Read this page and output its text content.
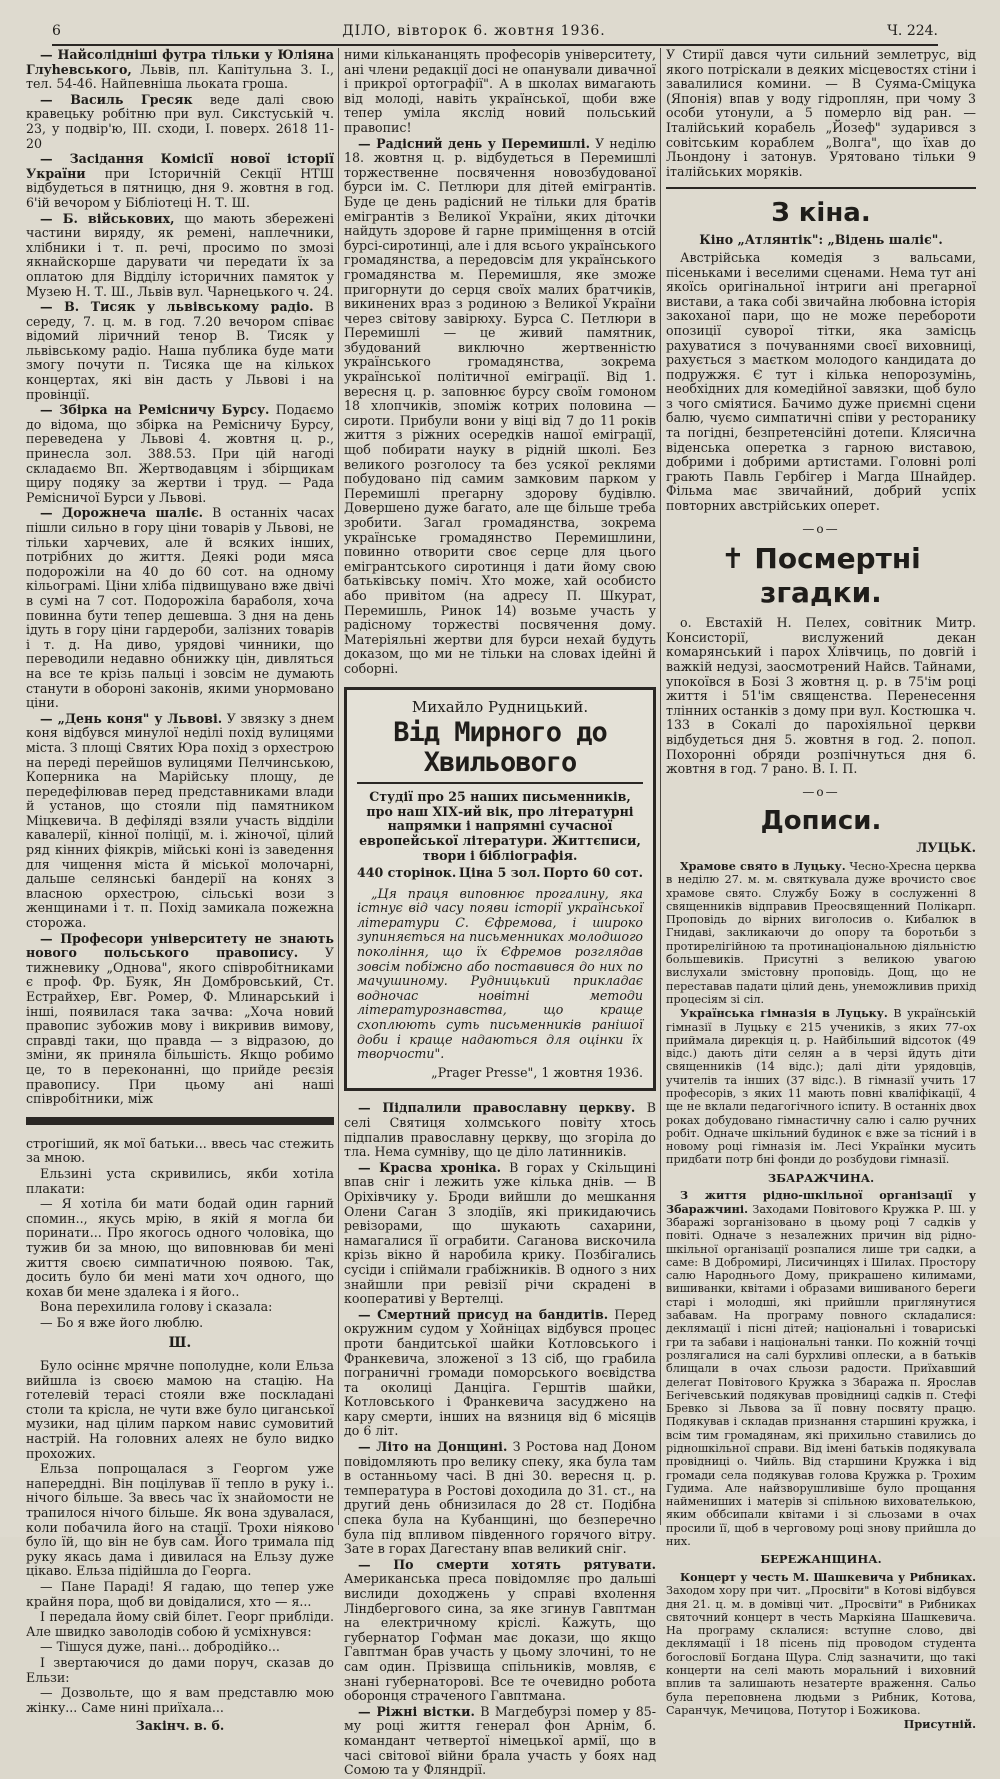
6	ДІЛО, вівторок 6. жовтня 1936.	Ч. 224.

— Найсолідніші футра тільки у Юліяна Глуhевського, Львів, пл. Капітульна 3. І., тел. 54-46. Найпевніша льоката гроша.

— Василь Гресяк веде далі свою кравецьку робітню при вул. Сикстуській ч. 23, у подвір'ю, III. сходи, І. поверх. 2618 11-20

— Засідання Комісії нової історії України при Історичній Секції НТШ відбудеться в пятницю, дня 9. жовтня в год. 6'ій вечором у Бібліотеці Н. Т. Ш.

— Б. військових, що мають збережені частини виряду, як ремені, наплечники, хлібники і т. п. речі, просимо по змозі якнайскорше дарувати чи передати їх за оплатою для Відділу історичних памяток у Музею Н. Т. Ш., Львів вул. Чарнецького ч. 24.

— В. Тисяк у львівському радіо. В середу, 7. ц. м. в год. 7.20 вечором співає відомий ліричний тенор В. Тисяк у львівському радіо. Наша публика буде мати змогу почути п. Тисяка ще на кількох концертах, які він дасть у Львові і на провінції.

— Збірка на Ремісничу Бурсу. Подаємо до відома, що збірка на Ремісничу Бурсу, переведена у Львові 4. жовтня ц. р., принесла зол. 388.53. При цій нагоді складаємо Вп. Жертводавцям і збірщикам щиру подяку за жертви і труд. — Рада Ремісничої Бурси у Львові.

— Дорожнеча шаліє. В останніх часах пішли сильно в гору ціни товарів у Львові, не тільки харчевих, але й всяких інших, потрібних до життя. Деякі роди мяса подорожіли на 40 до 60 сот. на одному кільограмі. Ціни хліба підвищувано вже двічі в сумі на 7 сот. Подорожіла бараболя, хоча повинна бути тепер дешевша. З дня на день ідуть в гору ціни гардероби, залізних товарів і т. д. На диво, урядові чинники, що переводили недавно обнижку цін, дивляться на все те крізь пальці і зовсім не думають станути в обороні законів, якими унормовано ціни.

— „День коня" у Львові. У звязку з днем коня відбувся минулої неділі похід вулицями міста. З площі Святих Юра похід з орхестрою на переді перейшов вулицями Пелчинською, Коперника на Марійську площу, де передефілював перед представниками влади й установ, що стояли під памятником Міцкевича. В дефіляді взяли участь відділи кавалерії, кінної поліції, м. і. жіночої, цілий ряд кінних фіякрів, мійські коні із заведення для чищення міста й міської молочарні, дальше селянські бандерії на конях з власною орхестрою, сільські вози з женщинами і т. п. Похід замикала пожежна сторожа.

— Професори університету не знають нового польського правопису. У тижневику „Однова", якого співробітниками є проф. Фр. Буяк, Ян Домбровський, Ст. Естрайхер, Евг. Ромер, Ф. Млинарський і інші, появилася така зачва: „Хоча новий правопис зубожив мову і викривив вимову, справді таки, що правда — з відразою, до зміни, як приняла більшість. Якщо робимо це, то в переконанні, що прийде реєзія правопису. При цьому ані наші співробітники, між

строгіший, як мої батьки... ввесь час стежить за мною.

Ельзині уста скривились, якби хотіла плакати:

— Я хотіла би мати бодай один гарний спомин.., якусь мрію, в якій я могла би поринати... Про якогось одного чоловіка, що тужив би за мною, що виповнював би мені життя своєю симпатичною появою. Так, досить було би мені мати хоч одного, що кохав би мене здалека і я його..

Вона перехилила голову і сказала:

— Бо я вже його люблю.

Ш.

Було осіннє мрячне пополудне, коли Ельза вийшла із своєю мамою на стацію. На готелевій терасі стояли вже поскладані столи та крісла, не чути вже було циганської музики, над цілим парком навис сумовитий настрій. На головних алеях не було видко прохожих.

Ельза попрощалася з Георгом уже напереддні. Він поцілував її тепло в руку і.. нічого більше. За ввесь час їх знайомости не трапилося нічого більше. Як вона здувалася, коли побачила його на стації. Трохи ніяково було їй, що він не був сам. Його тримала під руку якась дама і дивилася на Ельзу дуже цікаво. Ельза підійшла до Георга.

— Пане Параді! Я гадаю, що тепер уже крайня пора, щоб ви довідалися, хто — я...

І передала йому свій білет. Георг прибліди. Але швидко заволодів собою й усміхнувся:

— Тішуся дуже, пані... добродійко...

І звертаючися до дами поруч, сказав до Ельзи:

— Дозвольте, що я вам представлю мою жінку... Саме нині приїхала...

Закінч. в. б.

ними кількананцять професорів університету, ані члени редакції досі не опанували дивачної і прикрої ортографії". А в школах вимагають від молоді, навіть української, щоби вже тепер уміла якслід новий польський правопис!

— Радісний день у Перемишлі. У неділю 18. жовтня ц. р. відбудеться в Перемишлі торжественне посвячення новозбудованої бурси ім. С. Петлюри для дітей емігрантів. Буде це день радісний не тільки для братів емігрантів з Великої України, яких діточки найдуть здорове й гарне приміщення в отсій бурсі-сиротинці, але і для всього українського громадянства, а передовсім для українського громадянства м. Перемишля, яке зможе пригорнути до серця своїх малих братчиків, викинених враз з родиною з Великої України через світову завірюху. Бурса С. Петлюри в Перемишлі — це живий памятник, збудований виключно жертвенністю українського громадянства, зокрема української політичної еміграції. Від 1. вересня ц. р. заповнює бурсу своїм гомоном 18 хлопчиків, зпоміж котрих половина — сироти. Прибули вони у віці від 7 до 11 років життя з ріжних осередків нашої еміграції, щоб побирати науку в рідній школі. Без великого розголосу та без усякої реклями побудовано під самим замковим парком у Перемишлі прегарну здорову будівлю. Довершено дуже багато, але ще більше треба зробити. Загал громадянства, зокрема українське громадянство Перемишлини, повинно отворити своє серце для цього емігрантського сиротинця і дати йому свою батьківську поміч. Хто може, хай особисто або привітом (на адресу П. Шкурат, Перемишль, Ринок 14) возьме участь у радісному торжестві посвячення дому. Матеріяльні жертви для бурси нехай будуть доказом, що ми не тільки на словах ідейні й соборні.

Михайло Рудницький.
Від Мирного до Хвильового

Студії про 25 наших письменників, про наш ХІХ-ий вік, про літературні напрямки і напрямні сучасної европейської літератури. Життєписи, твори і бібліографія.

440 сторінок. Ціна 5 зол. Порто 60 сот.

„Ця праця виповнює прогалину, яка істнує від часу появи історії української літератури С. Єфремова, і широко зупиняється на письменниках молодшого покоління, що їх Єфремов розглядав зовсім побіжно або поставився до них по мачушиному. Рудницький прикладає водночас новітні методи літературознавства, що краще схоплюють суть письменників ранішої доби і краще надаються для оцінки їх творчости".

„Prager Presse", 1 жовтня 1936.

— Підпалили православну церкву. В селі Святиця холмського повіту хтось підпалив православну церкву, що згоріла до тла. Нема сумніву, що це діло латинників.

— Красва хроніка. В горах у Скільщині впав сніг і лежить уже кілька днів. — В Оріхівчику у. Броди вийшли до мешкання Олени Саган 3 злодіїв, які прикидаючись ревізорами, що шукають сахарини, намагалися її ограбити. Саганова вискочила крізь вікно й наробила крику. Позбігались сусіди і спіймали грабіжників. В одного з них знайшли при ревізії річи скрадені в кооперативі у Вертелці.

— Смертний присуд на бандитів. Перед окружним судом у Хойніцах відбувся процес проти бандитської шайки Котловського і Франкевича, зложеної з 13 сіб, що грабила пограничні громади поморського воєвідства та околиці Данціга. Герштів шайки, Котловського і Франкевича засуджено на кару смерти, інших на вязниця від 6 місяців до 6 літ.

— Літо на Донщині. З Ростова над Доном повідомляють про велику спеку, яка була там в останньому часі. В дні 30. вересня ц. р. температура в Ростові доходила до 31. ст., на другий день обнизилася до 28 ст. Подібна спека була на Кубанщині, що безперечно була під впливом південного горячого вітру. Зате в горах Дагестану впав великий сніг.

— По смерти хотять рятувати. Американська преса повідомляє про дальші вислиди доходжень у справі вхолення Ліндбергового сина, за яке згинув Гавптман на електричному кріслі. Кажуть, що губернатор Гофман має докази, що якщо Гавптман брав участь у цьому злочині, то не сам один. Прізвища спільників, мовляв, є знані губернаторові. Все те очевидно робота оборонця страченого Гавптмана.

— Ріжні вістки. В Магдебурзі помер у 85-му році життя генерал фон Арнім, б. командант четвертої німецької армії, що в часі світової війни брала участь у боях над Сомою та у Фляндрії.

У Стирії дався чути сильний землетрус, від якого потріскали в деяких місцевостях стіни і завалилися комини. — В Суяма-Сміцука (Японія) впав у воду гідроплян, при чому 3 особи утонули, а 5 померло від ран. — Італійський корабель „Йозеф" зударився з совітським кораблем „Волга", що їхав до Льондону і затонув. Урятовано тільки 9 італійських моряків.

З кіна.
Кіно „Атлянтік": „Відень шаліє".

Австрійська комедія з вальсами, пісеньками і веселими сценами. Нема тут ані якоїсь оригінальної інтриги ані прегарної вистави, а така собі звичайна любовна історія закоханої пари, що не може перебороти опозиції суворої тітки, яка замісць рахуватися з почуваннями своєї виховниці, рахується з маєтком молодого кандидата до подружжя. Є тут і кілька непорозумінь, необхідних для комедійної завязки, щоб було з чого сміятися. Бачимо дуже приємні сцени балю, чуємо симпатичні співи у ресторанику та погідні, безпретенсійні дотепи. Клясична віденська оперетка з гарною виставою, добрими і добрими артистами. Головні ролі грають Павль Гербігер і Магда Шнайдер. Фільма має звичайний, добрий успіх повторних австрійських оперет.

—o—
✝ Посмертні згадки.

о. Евстахій Н. Пелех, совітник Митр. Консисторії, вислужений декан комарянський і парох Хлівчиць, по довгій і важкій недузі, заосмотрений Найсв. Тайнами, упокоївся в Бозі 3 жовтня ц. р. в 75'ім році життя і 51'ім священства. Перенесення тлінних останків з дому при вул. Костюшка ч. 133 в Сокалі до парохіяльної церкви відбудеться дня 5. жовтня в год. 2. попол. Похоронні обряди розпічнуться дня 6. жовтня в год. 7 рано. В. І. П.

—o—
Дописи.
ЛУЦЬК.

Храмове свято в Луцьку. Чесно-Хресна церква в неділю 27. м. м. святкувала дуже врочисто своє храмове свято. Службу Божу в сослуженні 8 священників відправив Преосвященний Полікарп. Проповідь до вірних виголосив о. Кибалюк в Гнидаві, закликаючи до опору та боротьби з протирелігійною та протинаціональною діяльністю большевиків. Присутні з великою увагою вислухали змістовну проповідь. Дощ, що не переставав падати цілий день, унеможливив прихід процесіям зі сіл.

Українська гімназія в Луцьку. В українській гімназії в Луцьку є 215 учеників, з яких 77-ох приймала дирекція ц. р. Найбільший відсоток (49 відс.) дають діти селян а в черзі йдуть діти священників (14 відс.); далі діти урядовців, учителів та інших (37 відс.). В гімназії учить 17 професорів, з яких 11 мають повні кваліфікації, 4 ще не вклали педагогічного іспиту. В останніх двох роках добудовано гімнастичну салю і салю ручних робіт. Одначе шкільний будинок є вже за тісний і в новому році гімназія ім. Лесі Українки мусить придбати потр бні фонди до розбудови гімназії.

ЗБАРАЖЧИНА.

З життя рідно-шкільної організації у Збаражчині. Заходами Повітового Кружка Р. Ш. у Збаражі зорганізовано в цьому році 7 садків у повіті. Одначе з незалежних причин від рідно-шкільної організації розпалися лише три садки, а саме: В Добромирі, Лисичинцях і Шилах. Простору салю Народнього Дому, прикрашено килимами, вишиванки, квітами і образами вишиваного береги старі і молодші, які прийшли приглянутися забавам. На програму повного складалися: деклямації і пісні дітей; національні і товариські гри та забави і національні танки. По кожній точці розлягалися на салі бурхливі оплески, а в батьків блищали в очах сльози радости. Приїхавший делегат Повітового Кружка з Збаража п. Ярослав Бегічевський подякував провідниці садків п. Стефі Бревко зі Львова за її повну посвяту працю. Подякував і складав признання старшині кружка, і всім тим громадянам, які прихильно ставились до рідношкільної справи. Від імені батьків подякувала провідниці о. Чийль. Від старшини Кружка і від громади села подякував голова Кружка р. Трохим Гудима. Але найзворушливіше було прощання наймениших і матерів зі спільною вихователькою, яким оббсипали квітами і зі сльозами в очах просили її, щоб в черговому році знову прийшла до них.

БЕРЕЖАНЩИНА.

Концерт у честь М. Шашкевича у Рибниках. Заходом хору при чит. „Просвіти" в Котові відбувся дня 21. ц. м. в домівці чит. „Просвіти" в Рибниках святочний концерт в честь Маркіяна Шашкевича. На програму склалися: вступне слово, дві деклямації і 18 пісень під проводом студента богословії Богдана Щура. Слід зазначити, що такі концерти на селі мають моральний і виховний вплив та залишають незатерте враження. Сальо була переповнена людьми з Рибник, Котова, Саранчук, Мечицова, Потутор і Божикова.

Присутній.
